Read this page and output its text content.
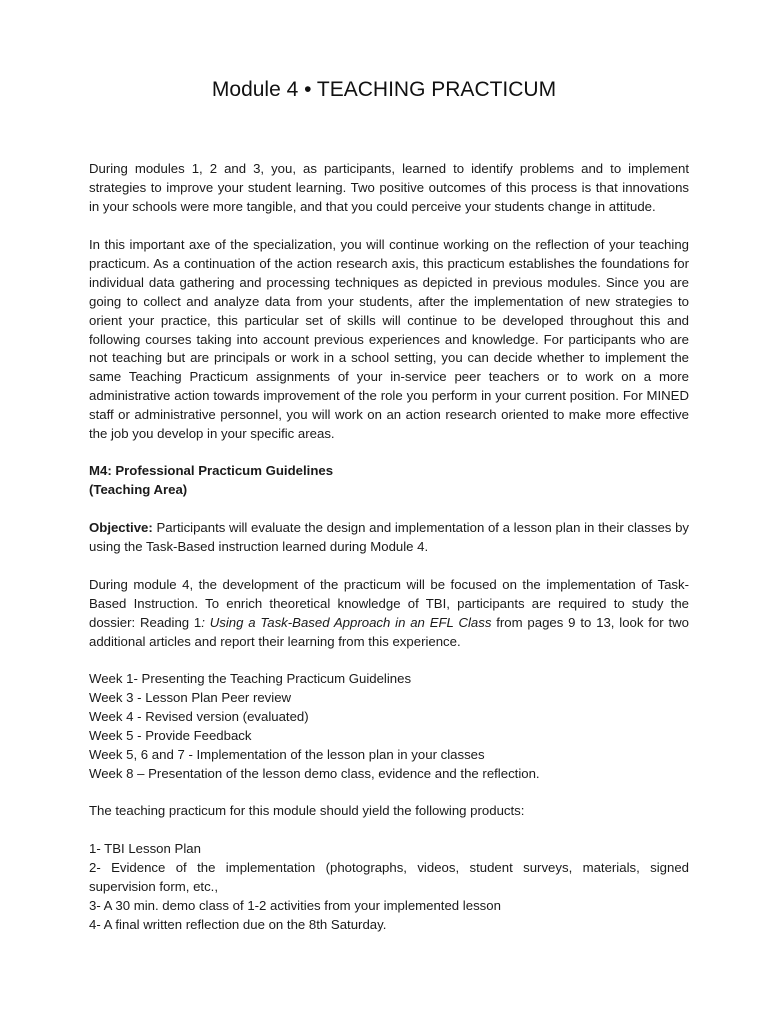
Module 4 • TEACHING PRACTICUM
During modules 1, 2 and 3, you, as participants, learned to identify problems and to implement strategies to improve your student learning. Two positive outcomes of this process is that innovations in your schools were more tangible, and that you could perceive your students change in attitude.
In this important axe of the specialization, you will continue working on the reflection of your teaching practicum. As a continuation of the action research axis, this practicum establishes the foundations for individual data gathering and processing techniques as depicted in previous modules. Since you are going to collect and analyze data from your students, after the implementation of new strategies to orient your practice, this particular set of skills will continue to be developed throughout this and following courses taking into account previous experiences and knowledge. For participants who are not teaching but are principals or work in a school setting, you can decide whether to implement the same Teaching Practicum assignments of your in-service peer teachers or to work on a more administrative action towards improvement of the role you perform in your current position. For MINED staff or administrative personnel, you will work on an action research oriented to make more effective the job you develop in your specific areas.
M4: Professional Practicum Guidelines
(Teaching Area)
Objective: Participants will evaluate the design and implementation of a lesson plan in their classes by using the Task-Based instruction learned during Module 4.
During module 4, the development of the practicum will be focused on the implementation of Task-Based Instruction. To enrich theoretical knowledge of TBI, participants are required to study the dossier: Reading 1: Using a Task-Based Approach in an EFL Class from pages 9 to 13, look for two additional articles and report their learning from this experience.
Week 1- Presenting the Teaching Practicum Guidelines
Week 3 - Lesson Plan Peer review
Week 4 - Revised version (evaluated)
Week 5 - Provide Feedback
Week 5, 6 and 7 - Implementation of the lesson plan in your classes
Week 8 – Presentation of the lesson demo class, evidence and the reflection.
The teaching practicum for this module should yield the following products:
1- TBI Lesson Plan
2- Evidence of the implementation (photographs, videos, student surveys, materials, signed supervision form, etc.,
3- A 30 min. demo class of 1-2 activities from your implemented lesson
4- A final written reflection due on the 8th Saturday.
